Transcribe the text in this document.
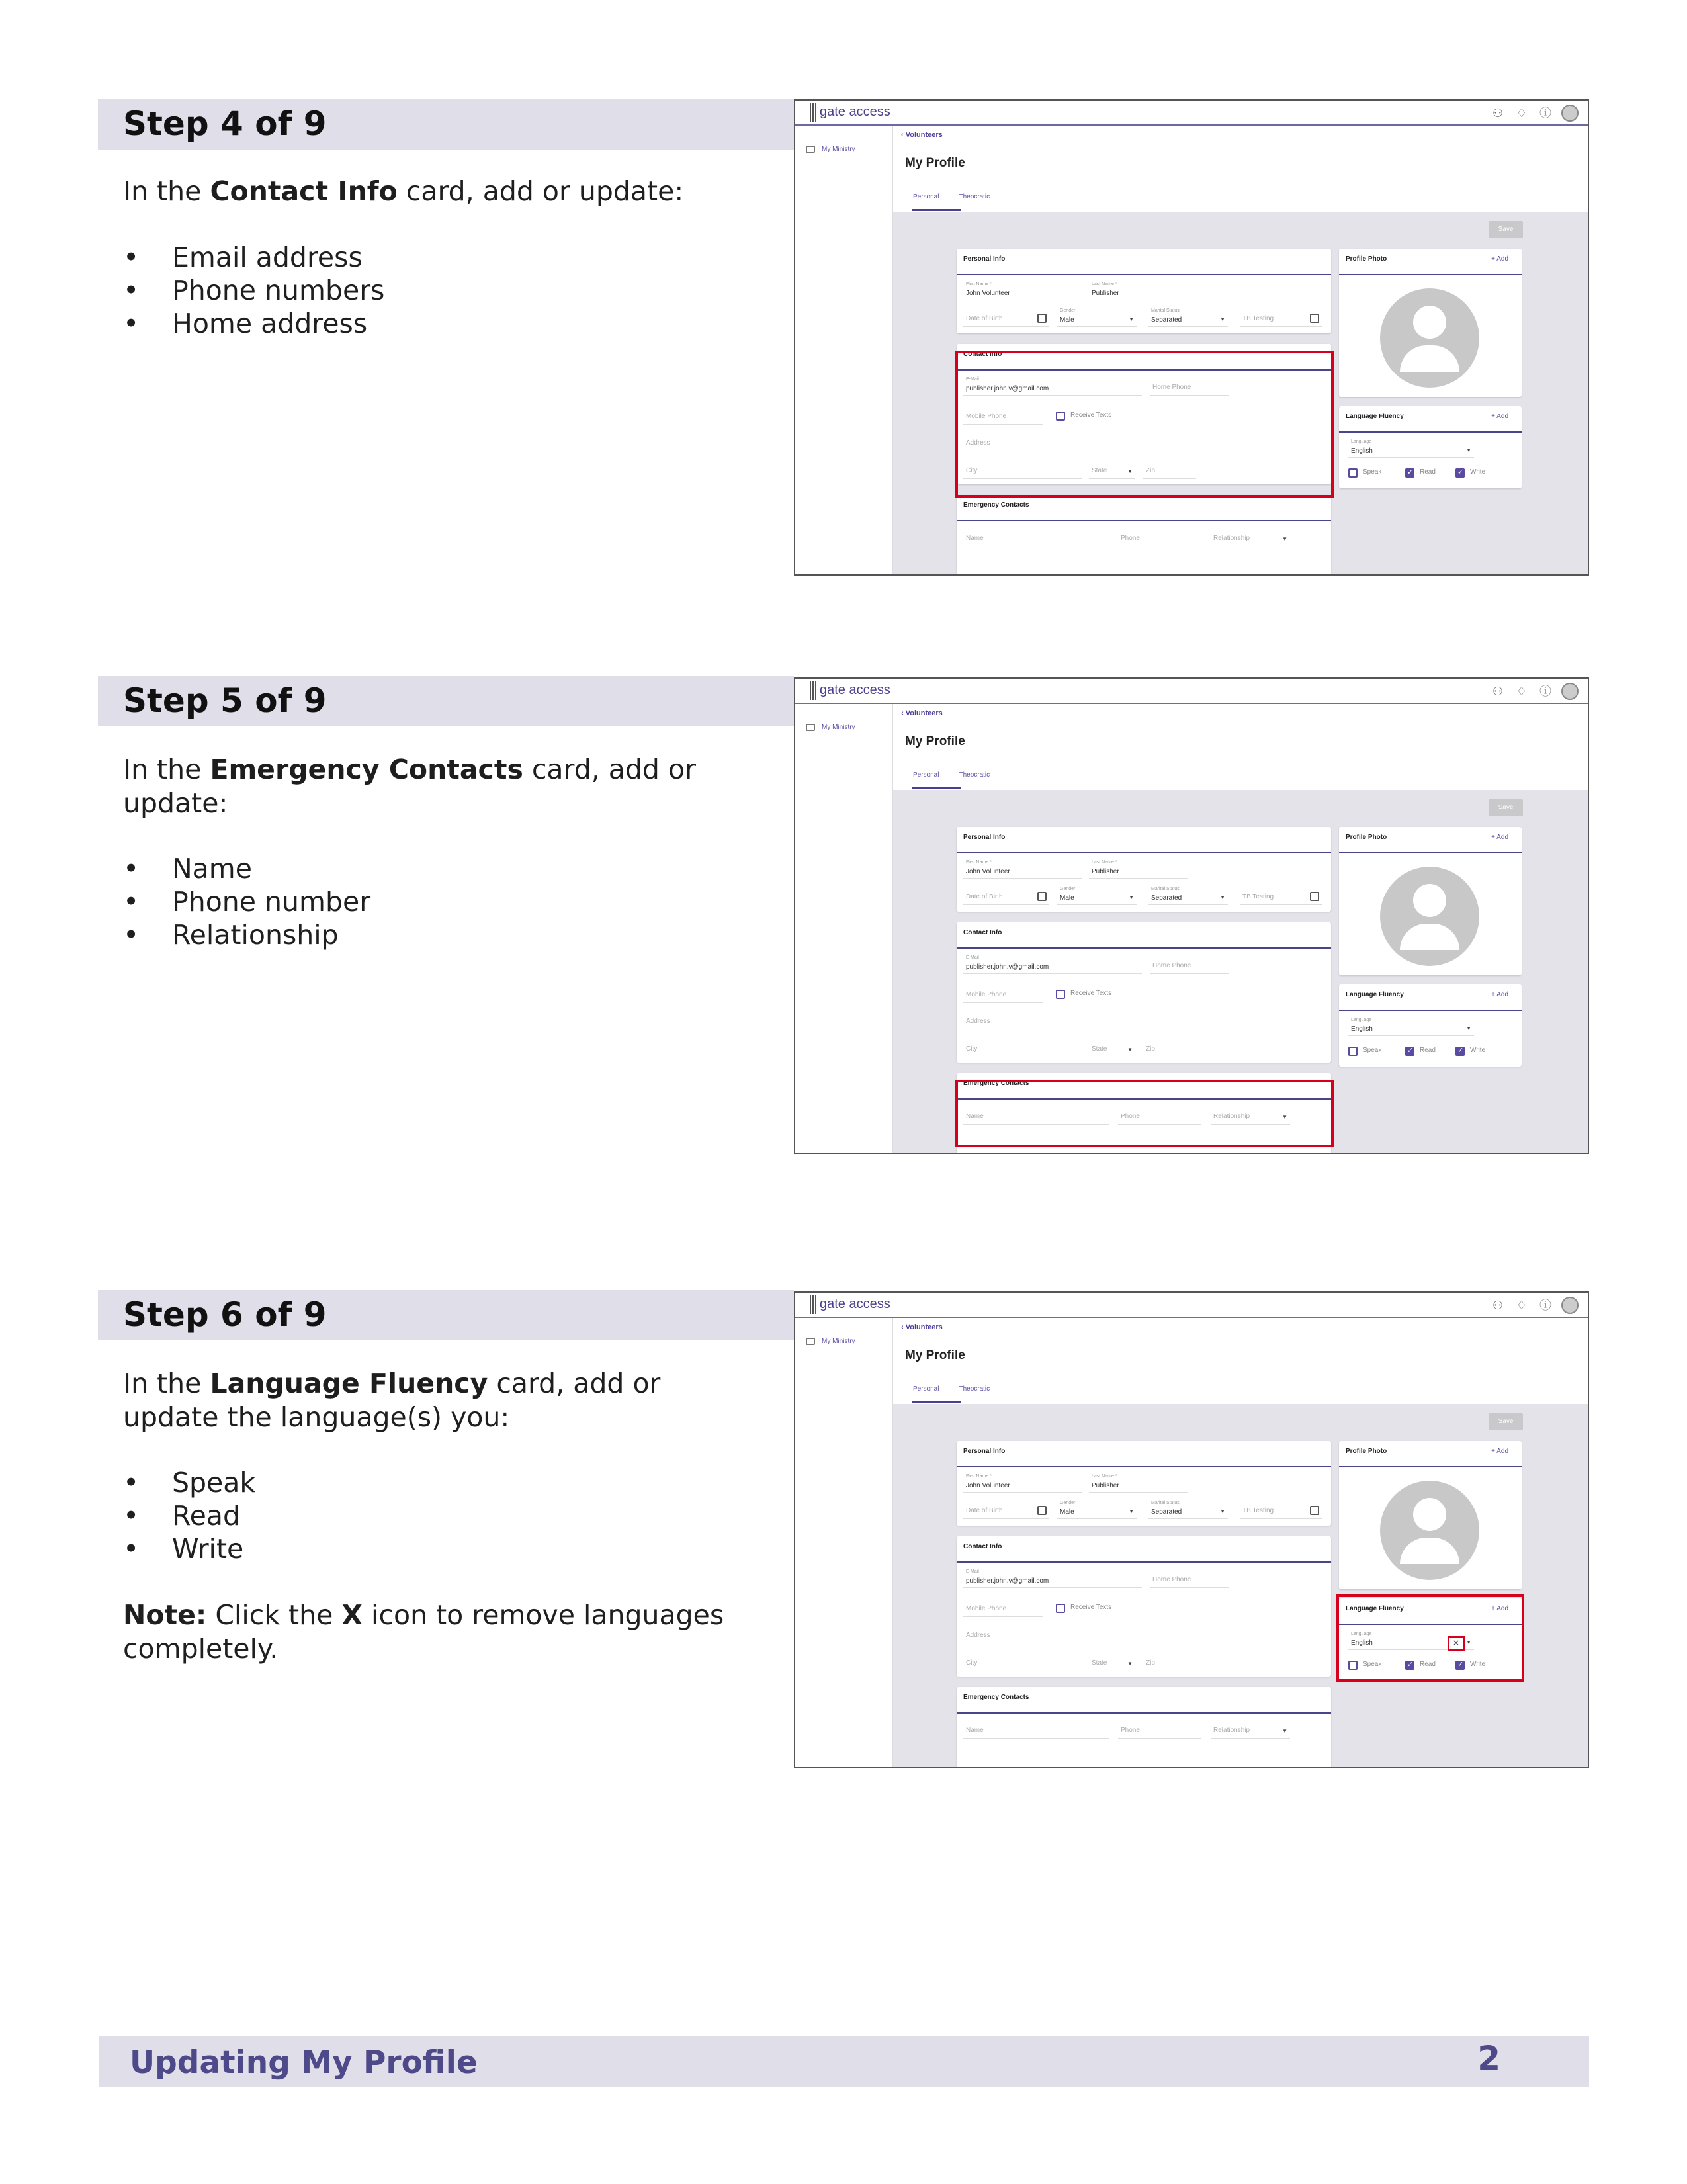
Step 4 of 9

In the Contact Info card, add or update:

• Email address
• Phone numbers
• Home address
gate access	⚇ ♢ ⓘ
My Ministry
‹ Volunteers
My Profile
Personal	Theocratic
Save
Personal Info
First Name *
John Volunteer
Last Name *
Publisher
Date of Birth
Gender
Male	▼
Marital Status
Separated	▼	TB Testing
Contact Info
E-Mail
publisher.john.v@gmail.com	Home Phone
Mobile Phone	Receive Texts
Address
City	State	▼ Zip
Emergency Contacts
Name	Phone	Relationship	▼
Profile Photo	+ Add
Language Fluency	+ Add
Language
English	▼
Speak ✓	Read ✓	Write
Step 5 of 9

In the Emergency Contacts card, add or update:

• Name
• Phone number
• Relationship
gate access	⚇ ♢ ⓘ
My Ministry
‹ Volunteers
My Profile
Personal	Theocratic
Save
Personal Info
First Name *
John Volunteer
Last Name *
Publisher
Date of Birth
Gender
Male	▼
Marital Status
Separated	▼	TB Testing
Contact Info
E-Mail
publisher.john.v@gmail.com	Home Phone
Mobile Phone	Receive Texts
Address
City	State	▼ Zip
Emergency Contacts
Name	Phone	Relationship	▼
Profile Photo	+ Add
Language Fluency	+ Add
Language
English	▼
Speak ✓	Read ✓	Write
Step 6 of 9

In the Language Fluency card, add or update the language(s) you:

• Speak
• Read
• Write

Note: Click the X icon to remove languages completely.

gate access	⚇ ♢ ⓘ
My Ministry
‹ Volunteers
My Profile
Personal	Theocratic
Save
Personal Info
First Name *
John Volunteer
Last Name *
Publisher
Date of Birth
Gender
Male	▼
Marital Status
Separated	▼	TB Testing
Contact Info
E-Mail
publisher.john.v@gmail.com	Home Phone
Mobile Phone	Receive Texts
Address
City	State	▼ Zip
Emergency Contacts
Name	Phone	Relationship	▼
Profile Photo	+ Add
Language Fluency	+ Add
Language
English	▼
✕
Speak ✓	Read ✓	Write
Updating My Profile	2
